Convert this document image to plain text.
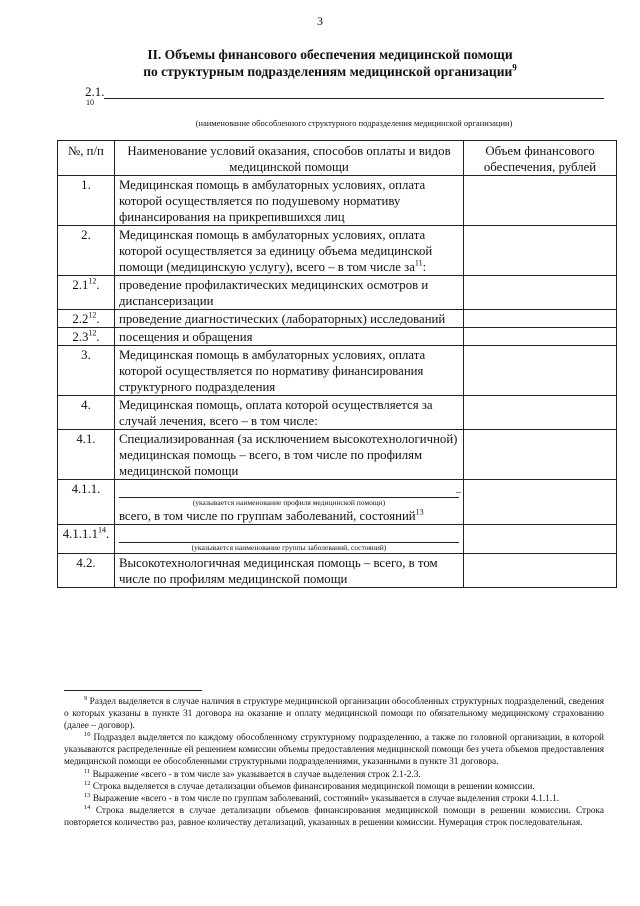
3
II. Объемы финансового обеспечения медицинской помощи
по структурным подразделениям медицинской организации$^9$
2.1.
10
(наименование обособленного структурного подразделения медицинской организации)
№, п/п	Наименование условий оказания, способов оплаты и видов медицинской помощи	Объем финансового обеспечения, рублей
1.	Медицинская помощь в амбулаторных условиях, оплата которой осуществляется по подушевому нормативу финансирования на прикрепившихся лиц	
2.	Медицинская помощь в амбулаторных условиях, оплата которой осуществляется за единицу объема медицинской помощи (медицинскую услугу), всего – в том числе $за^{11}$:	
$2.1^{12}$.	проведение профилактических медицинских осмотров и диспансеризации	
$2.2^{12}$.	проведение диагностических (лабораторных) исследований	
$2.3^{12}$.	посещения и обращения	
3.	Медицинская помощь в амбулаторных условиях, оплата которой осуществляется по нормативу финансирования структурного подразделения	
4.	Медицинская помощь, оплата которой осуществляется за случай лечения, всего – в том числе:	
4.1.	Специализированная (за исключением высокотехнологичной) медицинская помощь – всего, в том числе по профилям медицинской помощи	
4.1.1.	–
(указывается наименование профиля медицинской помощи)
всего, в том числе по группам заболеваний, состояний$^{13}$

4.1.1.1$^{14}$.	(указывается наименование группы заболеваний, состояний)	

4.2.	Высокотехнологичная медицинская помощь – всего, в том числе по профилям медицинской помощи	

$^9$ Раздел выделяется в случае наличия в структуре медицинской организации обособленных структурных подразделений, сведения о которых указаны в пункте 31 договора на оказание и оплату медицинской помощи по обязательному медицинскому страхованию (далее – договор).

$^{10}$ Подраздел выделяется по каждому обособленному структурному подразделению, а также по головной организации, в которой указываются распределенные ей решением комиссии объемы предоставления медицинской помощи без учета объемов предоставления медицинской помощи ее обособленными структурными подразделениями, указанными в пункте 31 договора.

$^{11}$ Выражение «всего - в том числе за» указывается в случае выделения строк 2.1-2.3.

$^{12}$ Строка выделяется в случае детализации объемов финансирования медицинской помощи в решении комиссии.

$^{13}$ Выражение «всего - в том числе по группам заболеваний, состояний» указывается в случае выделения строки 4.1.1.1.

$^{14}$ Строка выделяется в случае детализации объемов финансирования медицинской помощи в решении комиссии. Строка повторяется количество раз, равное количеству детализаций, указанных в решении комиссии. Нумерация строк последовательная.
